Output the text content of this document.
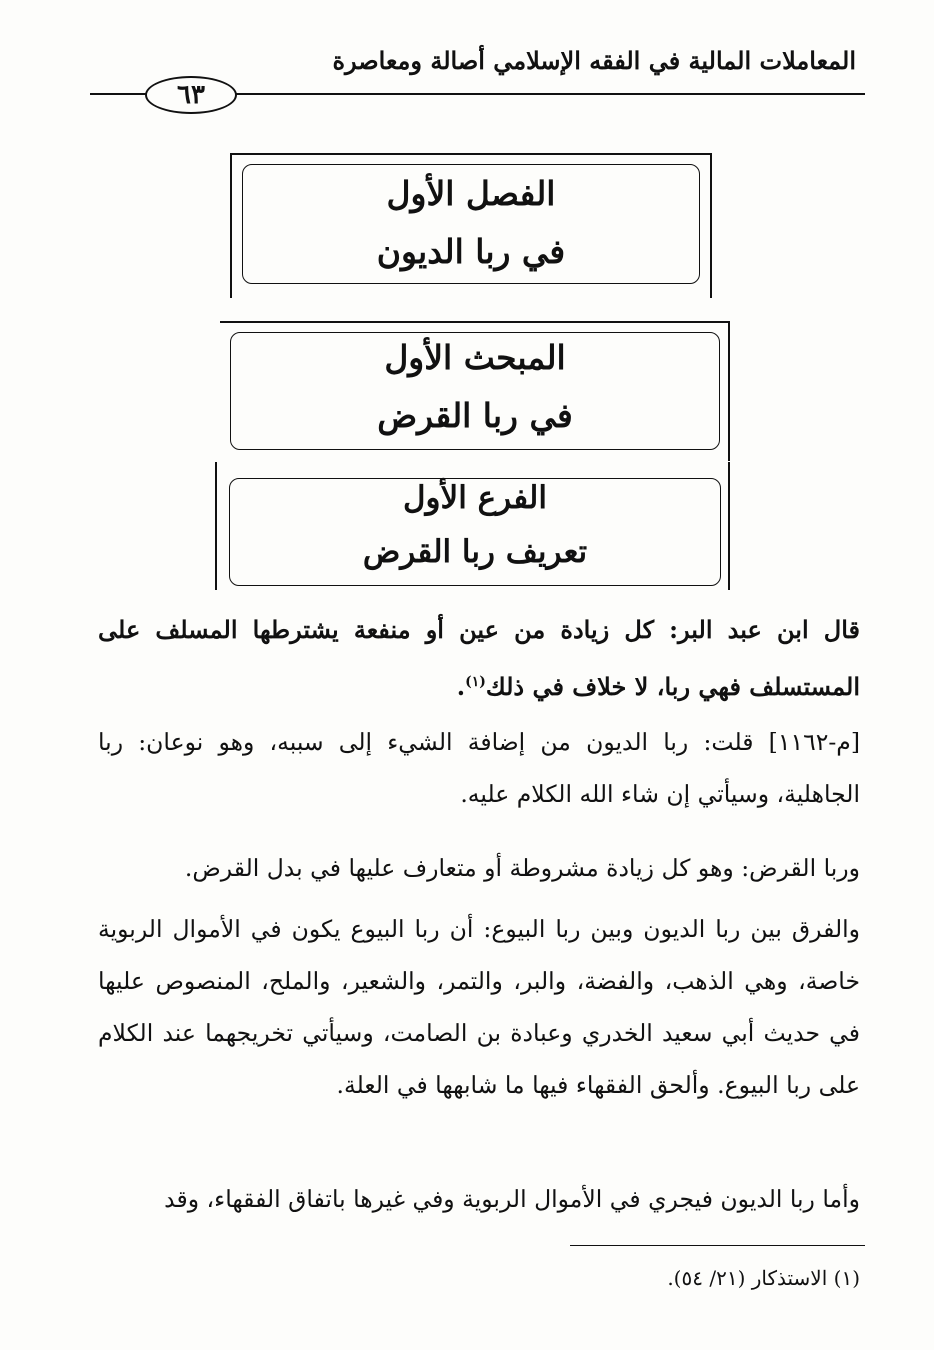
المعاملات المالية في الفقه الإسلامي أصالة ومعاصرة
٦٣
الفصل الأول
في ربا الديون
المبحث الأول
في ربا القرض
الفرع الأول
تعريف ربا القرض
قال ابن عبد البر: كل زيادة من عين أو منفعة يشترطها المسلف على المستسلف فهي ربا، لا خلاف في ذلك$^{(١)}$.
[م-١١٦٢] قلت: ربا الديون من إضافة الشيء إلى سببه، وهو نوعان: ربا الجاهلية، وسيأتي إن شاء الله الكلام عليه.
وربا القرض: وهو كل زيادة مشروطة أو متعارف عليها في بدل القرض.
والفرق بين ربا الديون وبين ربا البيوع: أن ربا البيوع يكون في الأموال الربوية خاصة، وهي الذهب، والفضة، والبر، والتمر، والشعير، والملح، المنصوص عليها في حديث أبي سعيد الخدري وعبادة بن الصامت، وسيأتي تخريجهما عند الكلام على ربا البيوع. وألحق الفقهاء فيها ما شابهها في العلة.
وأما ربا الديون فيجري في الأموال الربوية وفي غيرها باتفاق الفقهاء، وقد
(١) الاستذكار (٢١/ ٥٤).
